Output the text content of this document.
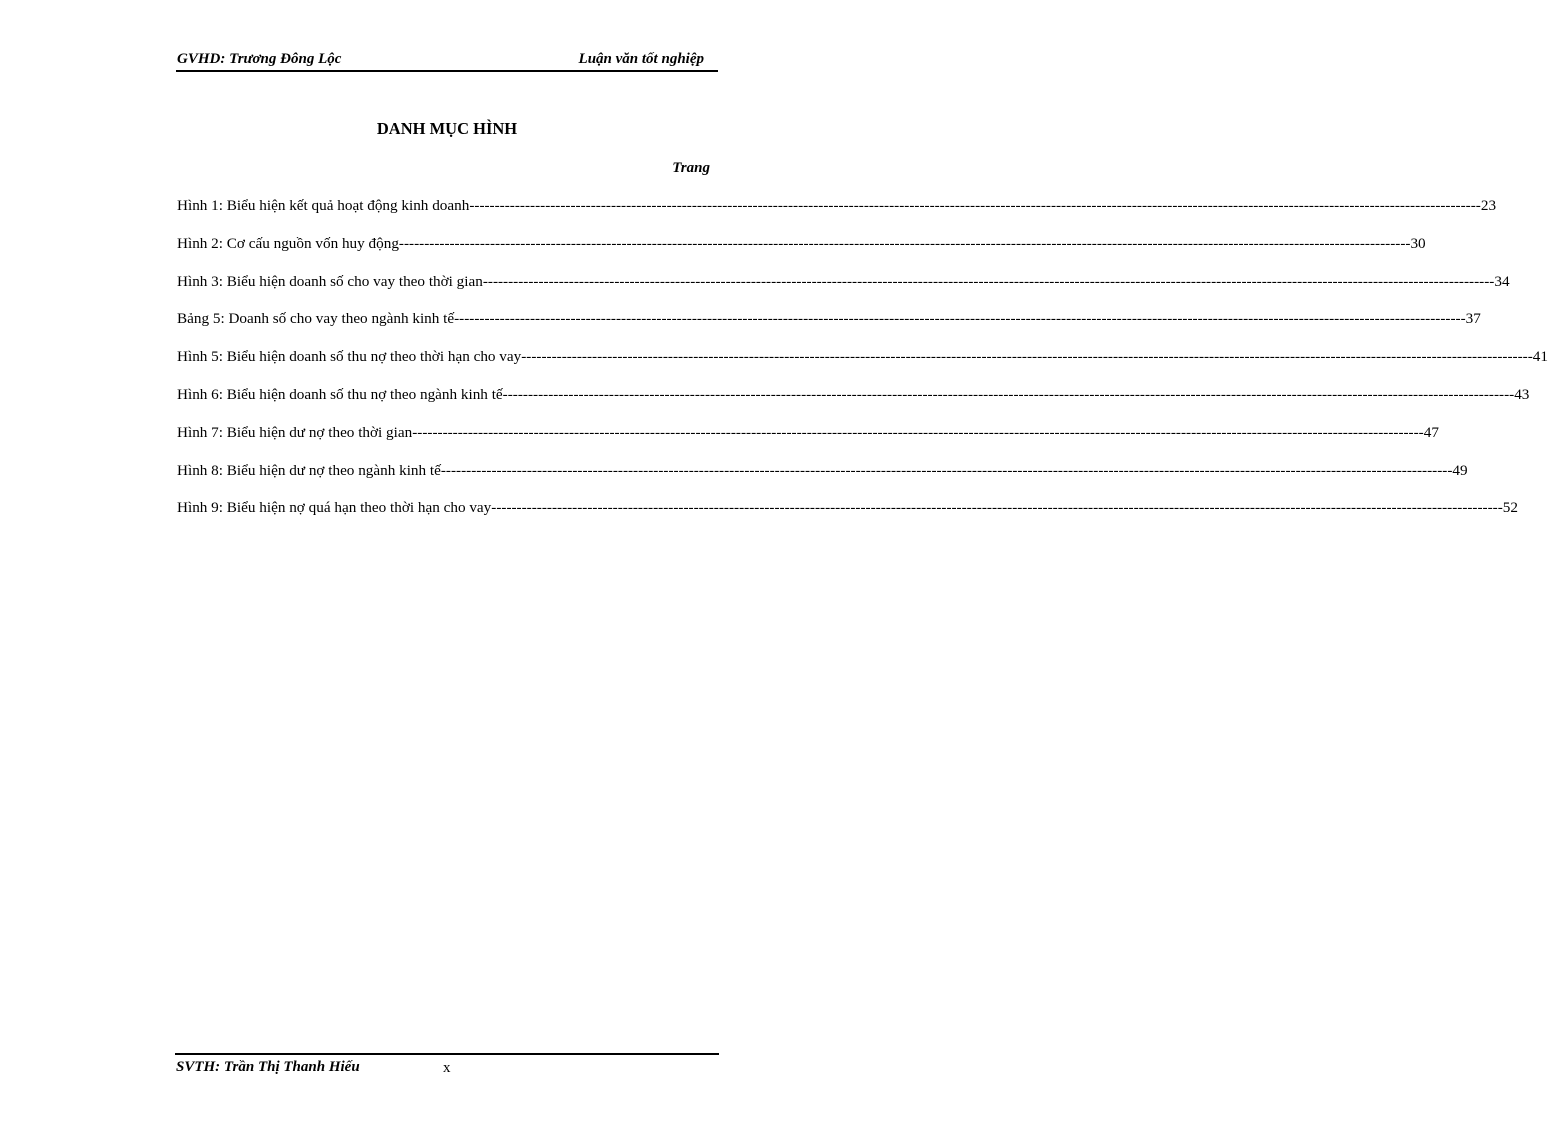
GVHD: Trương Đông Lộc	Luận văn tốt nghiệp
DANH MỤC HÌNH
Trang
Hình 1: Biểu hiện kết quả hoạt động kinh doanh -------------------------------------------------------------------------------------------------------------------------------------------------------------------------------------------------------- 23
Hình 2: Cơ cấu nguồn vốn huy động -------------------------------------------------------------------------------------------------------------------------------------------------------------------------------------------------------- 30
Hình 3: Biểu hiện doanh số cho vay theo thời gian -------------------------------------------------------------------------------------------------------------------------------------------------------------------------------------------------------- 34
Bảng 5: Doanh số cho vay theo ngành kinh tế -------------------------------------------------------------------------------------------------------------------------------------------------------------------------------------------------------- 37
Hình 5: Biểu hiện doanh số thu nợ theo thời hạn cho vay -------------------------------------------------------------------------------------------------------------------------------------------------------------------------------------------------------- 41
Hình 6: Biểu hiện doanh số thu nợ theo ngành kinh tế -------------------------------------------------------------------------------------------------------------------------------------------------------------------------------------------------------- 43
Hình 7: Biểu hiện dư nợ theo thời gian -------------------------------------------------------------------------------------------------------------------------------------------------------------------------------------------------------- 47
Hình 8: Biểu hiện dư nợ theo ngành kinh tế -------------------------------------------------------------------------------------------------------------------------------------------------------------------------------------------------------- 49
Hình 9: Biểu hiện nợ quá hạn theo thời hạn cho vay -------------------------------------------------------------------------------------------------------------------------------------------------------------------------------------------------------- 52
SVTH: Trần Thị Thanh Hiếu	x
